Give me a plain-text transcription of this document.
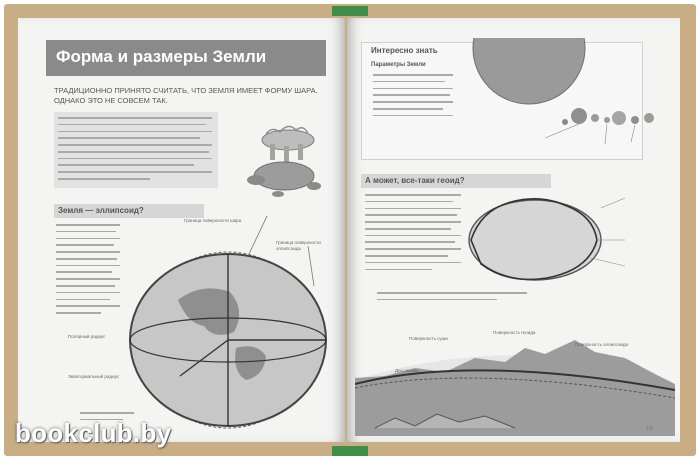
Форма и размеры Земли
ТРАДИЦИОННО ПРИНЯТО СЧИТАТЬ, ЧТО ЗЕМЛЯ ИМЕЕТ ФОРМУ ШАРА. ОДНАКО ЭТО НЕ СОВСЕМ ТАК.
Земля — эллипсоид?
Граница поверхности шара
Граница поверхности эллипсоида
Полярный радиус
Экваториальный радиус
Интересно знать
Параметры Земли
А может, все-таки геоид?
Поверхность суши
Поверхность геоида
Поверхность эллипсоида
Дно океана
15
bookclub.by
